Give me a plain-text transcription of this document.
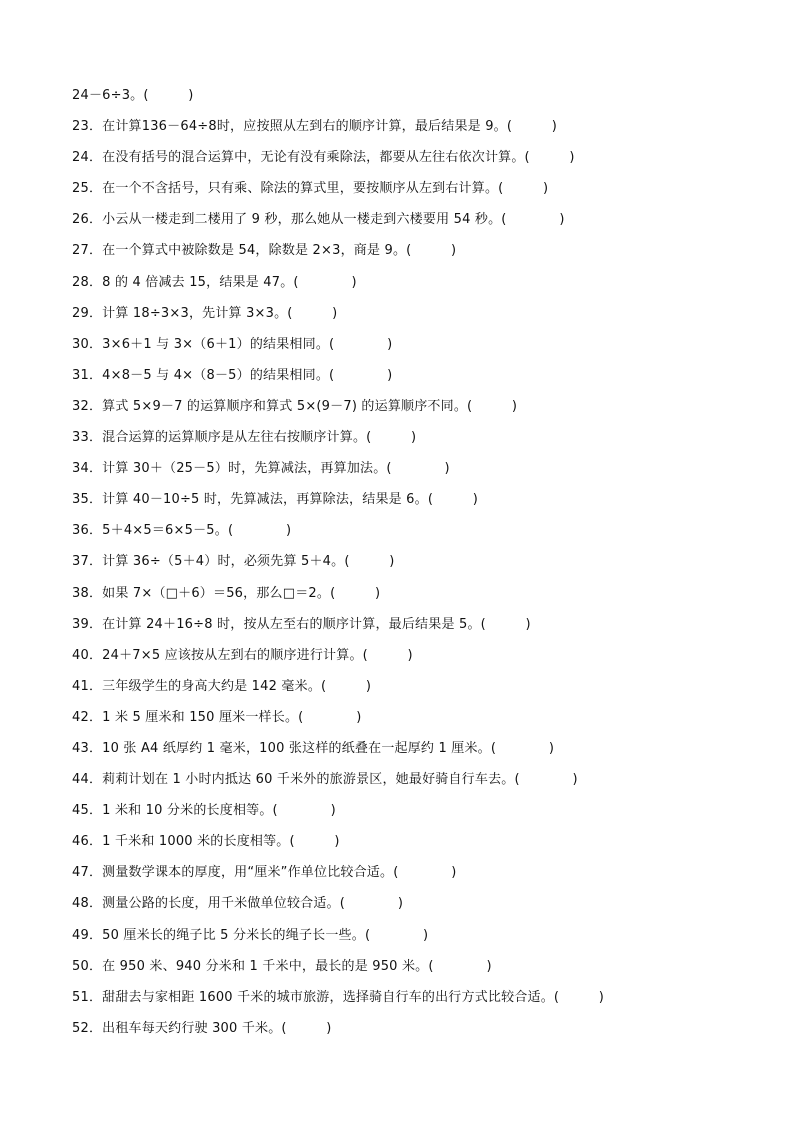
24－6÷3。(　　　)
23．在计算136－64÷8时，应按照从左到右的顺序计算，最后结果是 9。(　　　)
24．在没有括号的混合运算中，无论有没有乘除法，都要从左往右依次计算。(　　　)
25．在一个不含括号，只有乘、除法的算式里，要按顺序从左到右计算。(　　　)
26．小云从一楼走到二楼用了 9 秒，那么她从一楼走到六楼要用 54 秒。(　　　　)
27．在一个算式中被除数是 54，除数是 2×3，商是 9。(　　　)
28．8 的 4 倍减去 15，结果是 47。(　　　　)
29．计算 18÷3×3，先计算 3×3。(　　　)
30．3×6＋1 与 3×（6＋1）的结果相同。(　　　　)
31．4×8－5 与 4×（8－5）的结果相同。(　　　　)
32．算式 5×9－7 的运算顺序和算式 5×(9－7) 的运算顺序不同。(　　　)
33．混合运算的运算顺序是从左往右按顺序计算。(　　　)
34．计算 30＋（25－5）时，先算减法，再算加法。(　　　　)
35．计算 40－10÷5 时，先算减法，再算除法，结果是 6。(　　　)
36．5＋4×5＝6×5－5。(　　　　)
37．计算 36÷（5＋4）时，必须先算 5＋4。(　　　)
38．如果 7×（□＋6）＝56，那么□＝2。(　　　)
39．在计算 24＋16÷8 时，按从左至右的顺序计算，最后结果是 5。(　　　)
40．24＋7×5 应该按从左到右的顺序进行计算。(　　　)
41．三年级学生的身高大约是 142 毫米。(　　　)
42．1 米 5 厘米和 150 厘米一样长。(　　　　)
43．10 张 A4 纸厚约 1 毫米，100 张这样的纸叠在一起厚约 1 厘米。(　　　　)
44．莉莉计划在 1 小时内抵达 60 千米外的旅游景区，她最好骑自行车去。(　　　　)
45．1 米和 10 分米的长度相等。(　　　　)
46．1 千米和 1000 米的长度相等。(　　　)
47．测量数学课本的厚度，用“厘米”作单位比较合适。(　　　　)
48．测量公路的长度，用千米做单位较合适。(　　　　)
49．50 厘米长的绳子比 5 分米长的绳子长一些。(　　　　)
50．在 950 米、940 分米和 1 千米中，最长的是 950 米。(　　　　)
51．甜甜去与家相距 1600 千米的城市旅游，选择骑自行车的出行方式比较合适。(　　　)
52．出租车每天约行驶 300 千米。(　　　)
